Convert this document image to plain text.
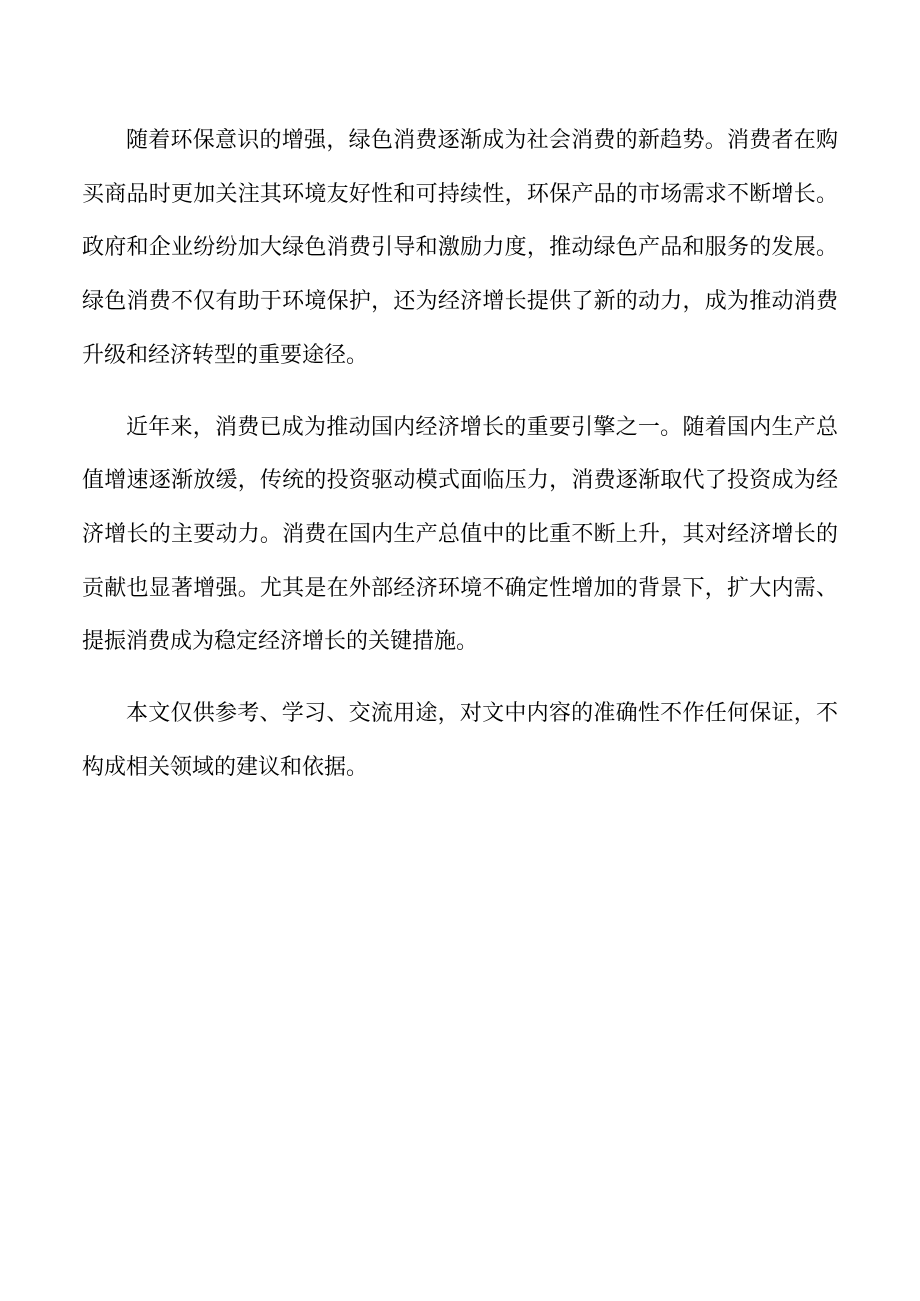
随着环保意识的增强，绿色消费逐渐成为社会消费的新趋势。消费者在购买商品时更加关注其环境友好性和可持续性，环保产品的市场需求不断增长。政府和企业纷纷加大绿色消费引导和激励力度，推动绿色产品和服务的发展。绿色消费不仅有助于环境保护，还为经济增长提供了新的动力，成为推动消费升级和经济转型的重要途径。

近年来，消费已成为推动国内经济增长的重要引擎之一。随着国内生产总值增速逐渐放缓，传统的投资驱动模式面临压力，消费逐渐取代了投资成为经济增长的主要动力。消费在国内生产总值中的比重不断上升，其对经济增长的贡献也显著增强。尤其是在外部经济环境不确定性增加的背景下，扩大内需、提振消费成为稳定经济增长的关键措施。

本文仅供参考、学习、交流用途，对文中内容的准确性不作任何保证，不构成相关领域的建议和依据。
